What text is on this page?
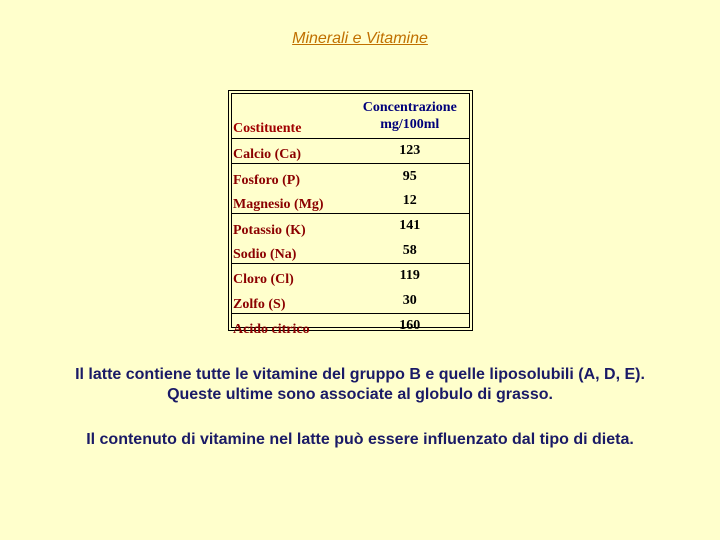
Minerali e Vitamine
Costituente	Concentrazione
mg/100ml
Calcio (Ca)	123
Fosforo (P)	95
Magnesio (Mg)	12
Potassio (K)	141
Sodio (Na)	58
Cloro (Cl)	119
Zolfo (S)	30
Acido citrico	160
Il latte contiene tutte le vitamine del gruppo B e quelle liposolubili (A, D, E).
Queste ultime sono associate al globulo di grasso.
Il contenuto di vitamine nel latte può essere influenzato dal tipo di dieta.
